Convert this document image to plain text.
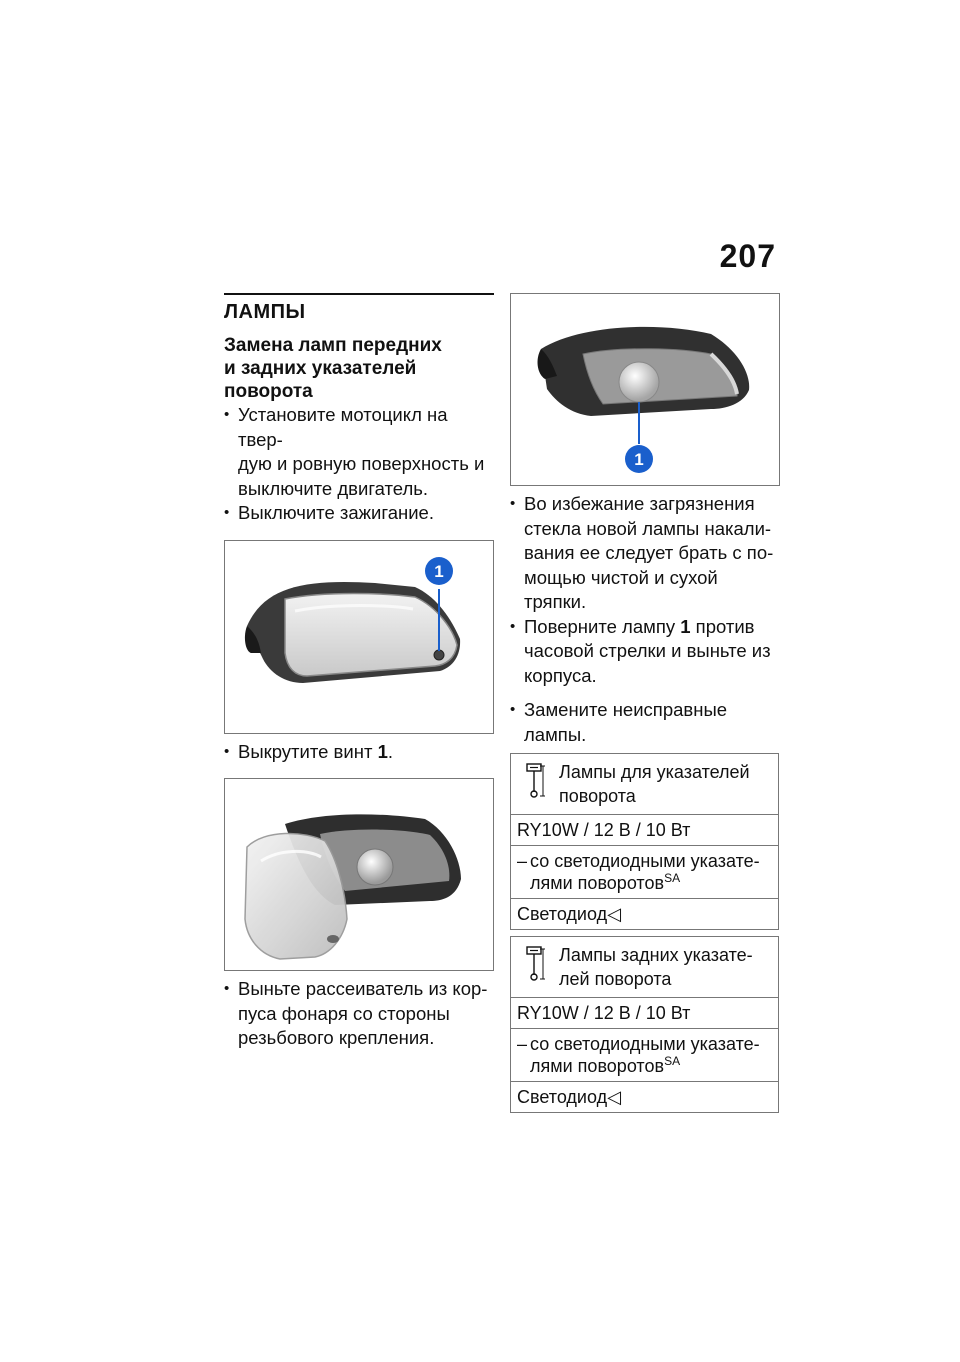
207
ЛАМПЫ
Замена ламп передних
и задних указателей
поворота
• Установите мотоцикл на твер-
дую и ровную поверхность и
выключите двигатель.
• Выключите зажигание.
1
• Выкрутите винт 1.
• Выньте рассеиватель из кор-
пуса фонаря со стороны
резьбового крепления.
1
• Во избежание загрязнения
стекла новой лампы накали-
вания ее следует брать с по-
мощью чистой и сухой тряпки.
• Поверните лампу 1 против
часовой стрелки и выньте из
корпуса.
• Замените неисправные
лампы.
Лампы для указателей
поворота
RY10W / 12 В / 10 Вт
– со светодиодными указате-
лями поворотов$^{SA}$
Светодиод◁
Лампы задних указате-
лей поворота
RY10W / 12 В / 10 Вт
– со светодиодными указате-
лями поворотов$^{SA}$
Светодиод◁
